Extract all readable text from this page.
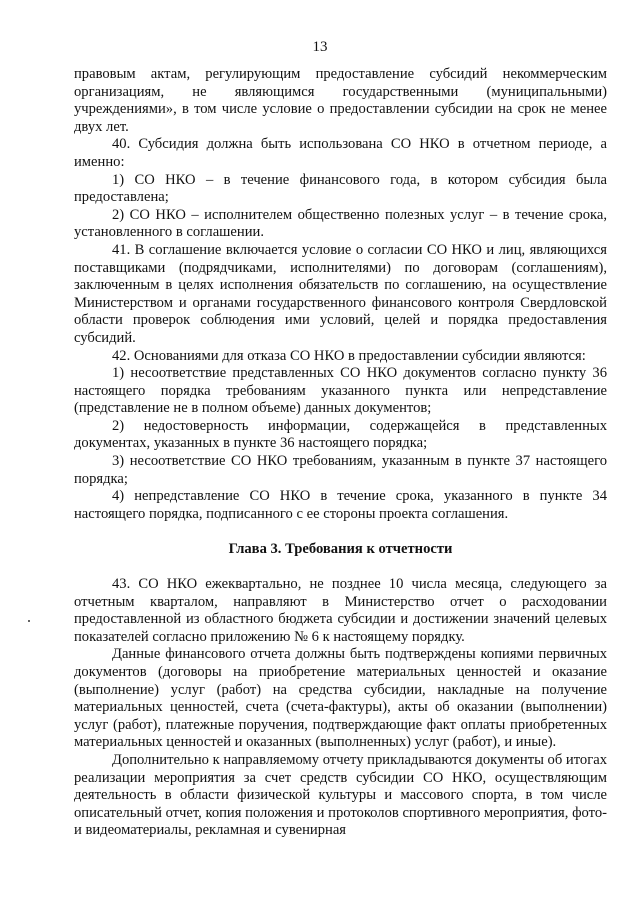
13

правовым актам, регулирующим предоставление субсидий некоммерческим организациям, не являющимся государственными (муниципальными) учреждениями», в том числе условие о предоставлении субсидии на срок не менее двух лет.

40. Субсидия должна быть использована СО НКО в отчетном периоде, а именно:

1) СО НКО – в течение финансового года, в котором субсидия была предоставлена;

2) СО НКО – исполнителем общественно полезных услуг – в течение срока, установленного в соглашении.

41. В соглашение включается условие о согласии СО НКО и лиц, являющихся поставщиками (подрядчиками, исполнителями) по договорам (соглашениям), заключенным в целях исполнения обязательств по соглашению, на осуществление Министерством и органами государственного финансового контроля Свердловской области проверок соблюдения ими условий, целей и порядка предоставления субсидий.

42. Основаниями для отказа СО НКО в предоставлении субсидии являются:

1) несоответствие представленных СО НКО документов согласно пункту 36 настоящего порядка требованиям указанного пункта или непредставление (представление не в полном объеме) данных документов;

2) недостоверность информации, содержащейся в представленных документах, указанных в пункте 36 настоящего порядка;

3) несоответствие СО НКО требованиям, указанным в пункте 37 настоящего порядка;

4) непредставление СО НКО в течение срока, указанного в пункте 34 настоящего порядка, подписанного с ее стороны проекта соглашения.

Глава 3. Требования к отчетности

43. СО НКО ежеквартально, не позднее 10 числа месяца, следующего за отчетным кварталом, направляют в Министерство отчет о расходовании предоставленной из областного бюджета субсидии и достижении значений целевых показателей согласно приложению № 6 к настоящему порядку.

Данные финансового отчета должны быть подтверждены копиями первичных документов (договоры на приобретение материальных ценностей и оказание (выполнение) услуг (работ) на средства субсидии, накладные на получение материальных ценностей, счета (счета-фактуры), акты об оказании (выполнении) услуг (работ), платежные поручения, подтверждающие факт оплаты приобретенных материальных ценностей и оказанных (выполненных) услуг (работ), и иные).

Дополнительно к направляемому отчету прикладываются документы об итогах реализации мероприятия за счет средств субсидии СО НКО, осуществляющим деятельность в области физической культуры и массового спорта, в том числе описательный отчет, копия положения и протоколов спортивного мероприятия, фото- и видеоматериалы, рекламная и сувенирная
